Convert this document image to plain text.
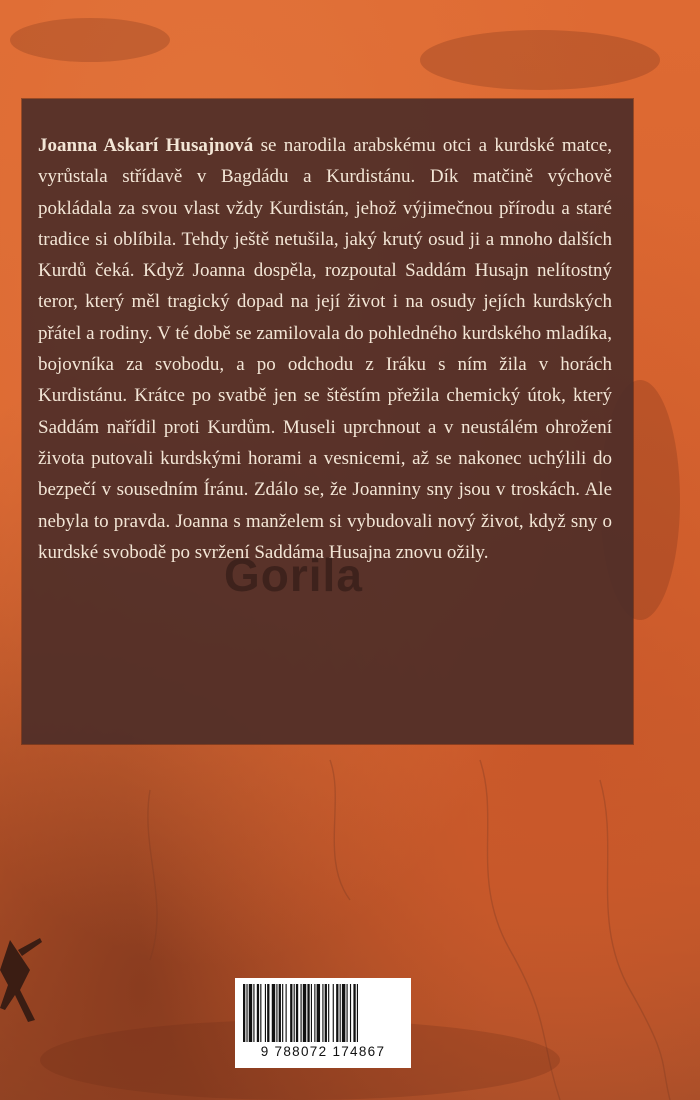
Joanna Askarí Husajnová se narodila arabskému otci a kurdské matce, vyrůstala střídavě v Bagdádu a Kurdistánu. Dík matčině výchově pokládala za svou vlast vždy Kurdistán, jehož výjimečnou přírodu a staré tradice si oblíbila. Tehdy ještě netušila, jaký krutý osud ji a mnoho dalších Kurdů čeká. Když Joanna dospěla, rozpoutal Saddám Husajn nelítostný teror, který měl tragický dopad na její život i na osudy jejích kurdských přátel a rodiny. V té době se zamilovala do pohledného kurdského mladíka, bojovníka za svobodu, a po odchodu z Iráku s ním žila v horách Kurdistánu. Krátce po svatbě jen se štěstím přežila chemický útok, který Saddám nařídil proti Kurdům. Museli uprchnout a v neustálém ohrožení života putovali kurdskými horami a vesnicemi, až se nakonec uchýlili do bezpečí v sousedním Íránu. Zdálo se, že Joanniny sny jsou v troskách. Ale nebyla to pravda. Joanna s manželem si vybudovali nový život, když sny o kurdské svobodě po svržení Saddáma Husajna znovu ožily.

Gorila
9 788072 174867
